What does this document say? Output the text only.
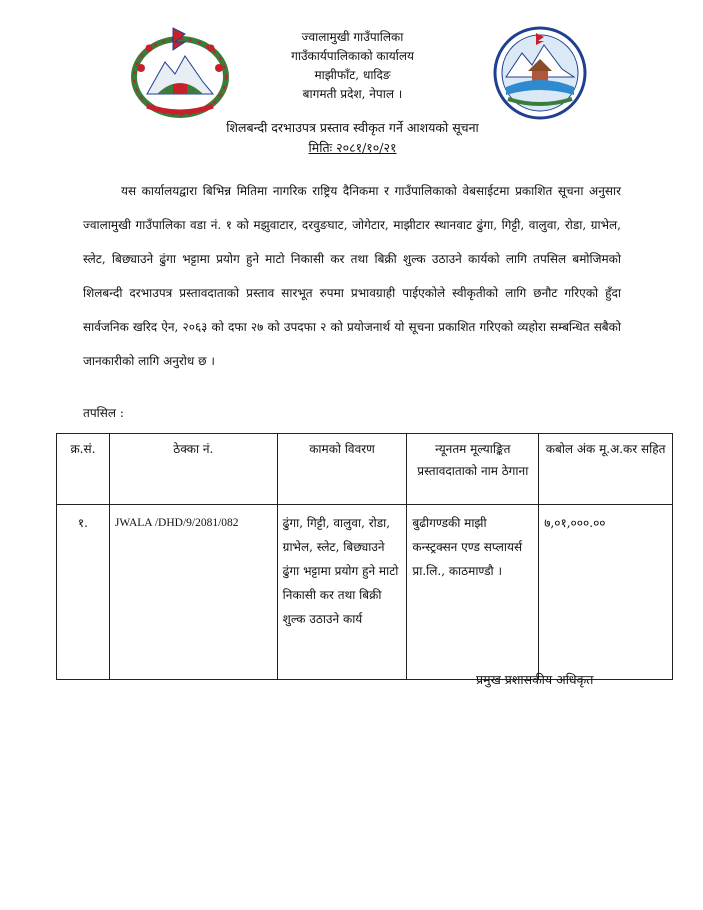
ज्वालामुखी गाउँपालिका
गाउँकार्यपालिकाको कार्यालय
माझीफाँट, धादिङ
बागमती प्रदेश, नेपाल ।
शिलबन्दी दरभाउपत्र प्रस्ताव स्वीकृत गर्ने आशयको सूचना
मितिः २०८१/१०/२१
यस कार्यालयद्वारा बिभिन्न मितिमा नागरिक राष्ट्रिय दैनिकमा र गाउँपालिकाको वेबसाईटमा प्रकाशित सूचना अनुसार ज्वालामुखी गाउँपालिका वडा नं. १ को मझुवाटार, दरवुङघाट, जोगेटार, माझीटार स्थानवाट ढुंगा, गिट्टी, वालुवा, रोडा, ग्राभेल, स्लेट, बिछ्याउने ढुंगा भट्टामा प्रयोग हुने माटो निकासी कर तथा बिक्री शुल्क उठाउने कार्यको लागि तपसिल बमोजिमको शिलबन्दी दरभाउपत्र प्रस्तावदाताको प्रस्ताव सारभूत रुपमा प्रभावग्राही पाईएकोले स्वीकृतीको लागि छनौट गरिएको हुँदा सार्वजनिक खरिद ऐन, २०६३ को दफा २७ को उपदफा २ को प्रयोजनार्थ यो सूचना प्रकाशित गरिएको व्यहोरा सम्बन्धित सबैको जानकारीको लागि अनुरोध छ ।
तपसिल :
क्र.सं.	ठेक्का नं.	कामको विवरण	न्यूनतम मूल्याङ्कित प्रस्तावदाताको नाम ठेगाना	कबोल अंक मू.अ.कर सहित
१.	JWALA /DHD/9/2081/082	ढुंगा, गिट्टी, वालुवा, रोडा, ग्राभेल, स्लेट, बिछ्याउने ढुंगा भट्टामा प्रयोग हुने माटो निकासी कर तथा बिक्री शुल्क उठाउने कार्य	बुढीगण्डकी माझी कन्स्ट्रक्सन एण्ड सप्लायर्स प्रा.लि., काठमाण्डौ ।	७,०१,०००.००
प्रमुख प्रशासकीय अधिकृत
